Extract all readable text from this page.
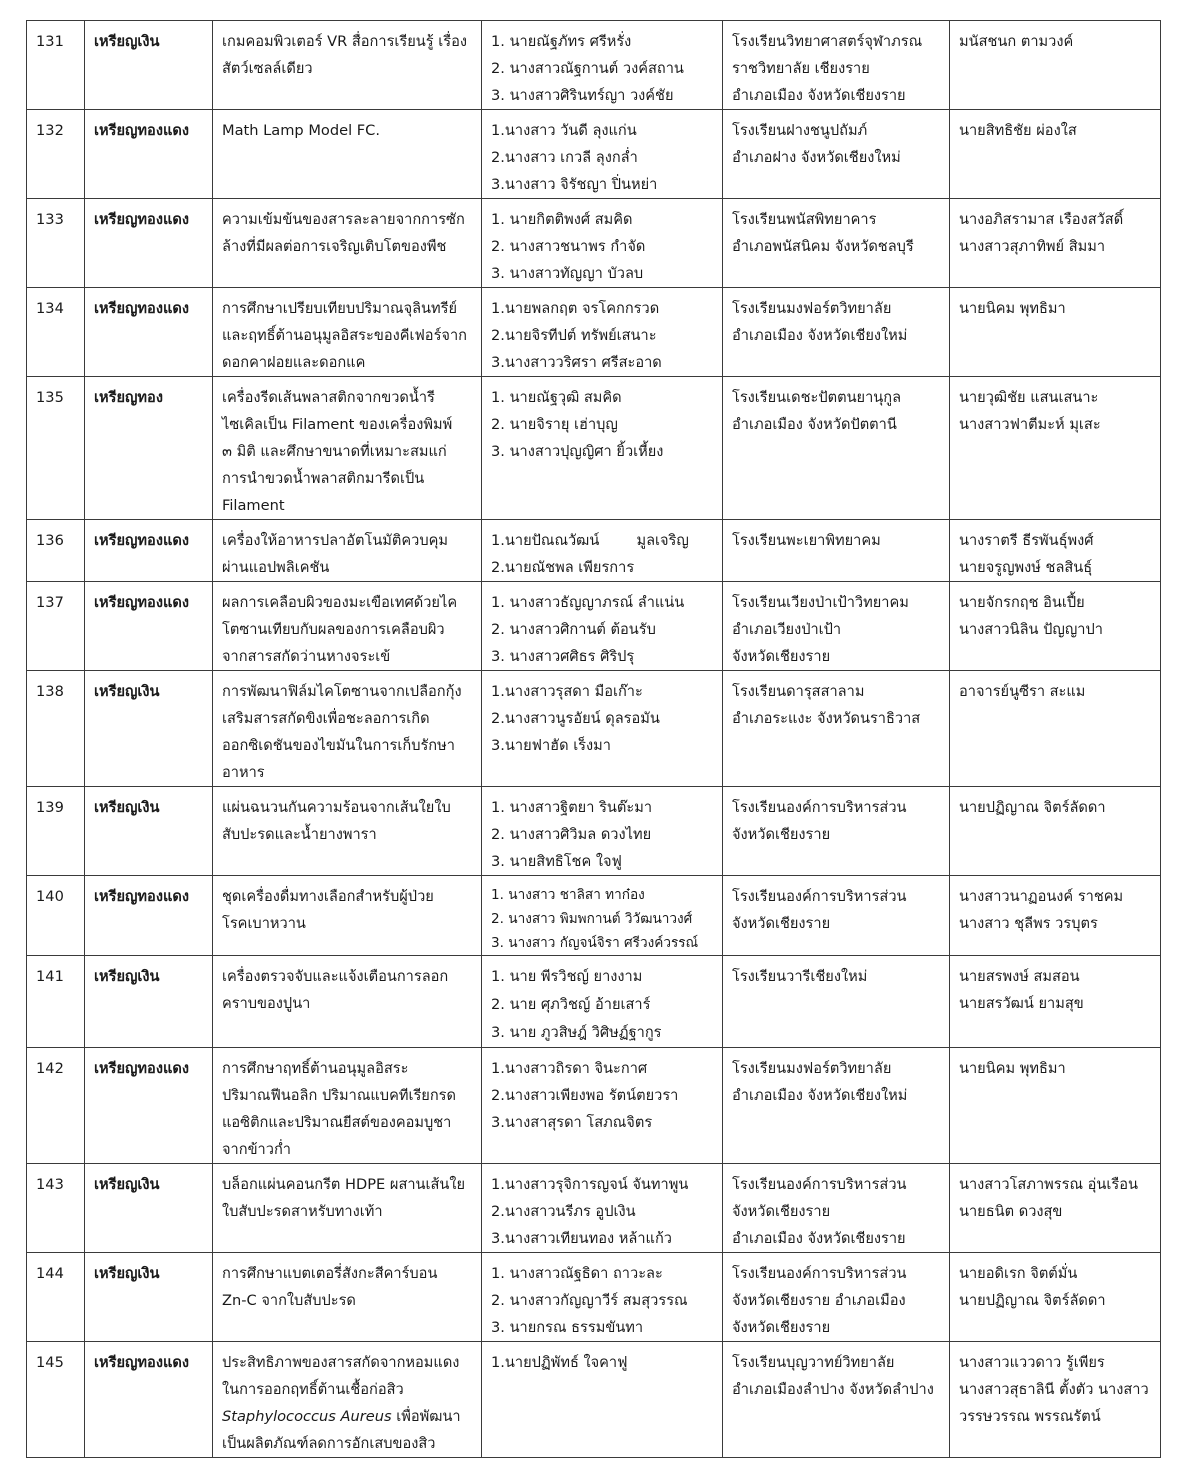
131	เหรียญเงิน	เกมคอมพิวเตอร์ VR สื่อการเรียนรู้ เรื่อง
สัตว์เซลล์เดียว	1. นายณัฐภัทร ศรีหรั่ง
2. นางสาวณัฐกานต์ วงค์สถาน
3. นางสาวศิรินทร์ญา วงค์ชัย	โรงเรียนวิทยาศาสตร์จุฬาภรณ
ราชวิทยาลัย เชียงราย
อำเภอเมือง จังหวัดเชียงราย	มนัสชนก ตามวงค์

132	เหรียญทองแดง	Math Lamp Model FC.	1.นางสาว วันดี ลุงแก่น
2.นางสาว เกวลี ลุงกล่ำ
3.นางสาว จิรัชญา ปิ่นหย่า	โรงเรียนฝางชนูปถัมภ์
อำเภอฝาง จังหวัดเชียงใหม่	นายสิทธิชัย ผ่องใส

133	เหรียญทองแดง	ความเข้มข้นของสารละลายจากการซัก
ล้างที่มีผลต่อการเจริญเติบโตของพืช	1. นายกิตติพงศ์ สมคิด
2. นางสาวชนาพร กำจัด
3. นางสาวทัญญา บัวลบ	โรงเรียนพนัสพิทยาคาร
อำเภอพนัสนิคม จังหวัดชลบุรี	นางอภิสรามาส เรืองสวัสดิ์
นางสาวสุภาทิพย์ สิมมา

134	เหรียญทองแดง	การศึกษาเปรียบเทียบปริมาณจุลินทรีย์
และฤทธิ์ต้านอนุมูลอิสระของคีเฟอร์จาก
ดอกคาฝอยและดอกแค	1.นายพลกฤต จรโคกกรวด
2.นายจิรทีปต์ ทรัพย์เสนาะ
3.นางสาววริศรา ศรีสะอาด	โรงเรียนมงฟอร์ตวิทยาลัย
อำเภอเมือง จังหวัดเชียงใหม่	นายนิคม พุทธิมา

135	เหรียญทอง	เครื่องรีดเส้นพลาสติกจากขวดน้ำรี
ไซเคิลเป็น Filament ของเครื่องพิมพ์
๓ มิติ และศึกษาขนาดที่เหมาะสมแก่
การนำขวดน้ำพลาสติกมารีดเป็น
Filament	1. นายณัฐวุฒิ สมคิด
2. นายจิรายุ เฮ่าบุญ
3. นางสาวปุญญิศา ยิ้วเหี้ยง	โรงเรียนเดชะปัตตนยานุกูล
อำเภอเมือง จังหวัดปัตตานี	นายวุฒิชัย แสนเสนาะ
นางสาวฟาตีมะห์ มุเสะ

136	เหรียญทองแดง	เครื่องให้อาหารปลาอัตโนมัติควบคุม
ผ่านแอปพลิเคชัน	1.นายปัณณวัฒน์        มูลเจริญ
2.นายณัชพล เพียรการ	โรงเรียนพะเยาพิทยาคม	นางราตรี ธีรพันธุ์พงศ์
นายจรูญพงษ์ ชลสินธุ์

137	เหรียญทองแดง	ผลการเคลือบผิวของมะเขือเทศด้วยไค
โตซานเทียบกับผลของการเคลือบผิว
จากสารสกัดว่านหางจระเข้	1. นางสาวธัญญาภรณ์ ลำแน่น
2. นางสาวศิกานต์ ต้อนรับ
3. นางสาวศศิธร ศิริปรุ	โรงเรียนเวียงป่าเป้าวิทยาคม
อำเภอเวียงป่าเป้า
จังหวัดเชียงราย	นายจักรกฤช อินเปี้ย
นางสาวนิลิน ปัญญาปา

138	เหรียญเงิน	การพัฒนาฟิล์มไคโตซานจากเปลือกกุ้ง
เสริมสารสกัดขิงเพื่อชะลอการเกิด
ออกซิเดชันของไขมันในการเก็บรักษา
อาหาร	1.นางสาวรุสดา มือเก๊าะ
2.นางสาวนูรอัยน์ ดุลรอมัน
3.นายฟาฮัด เร็งมา	โรงเรียนดารุสสาลาม
อำเภอระแงะ จังหวัดนราธิวาส	อาจารย์นูซีรา สะแม

139	เหรียญเงิน	แผ่นฉนวนกันความร้อนจากเส้นใยใบ
สับปะรดและน้ำยางพารา	1. นางสาวฐิตยา รินต๊ะมา
2. นางสาวศิวิมล ดวงไทย
3. นายสิทธิโชค ใจฟู	โรงเรียนองค์การบริหารส่วน
จังหวัดเชียงราย	นายปฏิญาณ จิตร์ลัดดา

140	เหรียญทองแดง	ชุดเครื่องดื่มทางเลือกสำหรับผู้ป่วย
โรคเบาหวาน	1. นางสาว ชาลิสา ทาก๋อง
2. นางสาว พิมพกานต์ วิวัฒนาวงศ์
3. นางสาว กัญจน์จิรา ศรีวงค์วรรณ์	โรงเรียนองค์การบริหารส่วน
จังหวัดเชียงราย	นางสาวนาฏอนงค์ ราชคม
นางสาว ชุลีพร วรบุตร

141	เหรียญเงิน	เครื่องตรวจจับและแจ้งเตือนการลอก
คราบของปูนา	1. นาย พีรวิชญ์ ยางงาม
2. นาย ศุภวิชญ์ อ้ายเสาร์
3. นาย ภูวสิษฎ์ วิศิษฏ์ฐากูร	โรงเรียนวารีเชียงใหม่	นายสรพงษ์ สมสอน
นายสรวัฒน์ ยามสุข

142	เหรียญทองแดง	การศึกษาฤทธิ์ต้านอนุมูลอิสระ
ปริมาณฟีนอลิก ปริมาณแบคทีเรียกรด
แอซิติกและปริมาณยีสต์ของคอมบูชา
จากข้าวก่ำ	1.นางสาวถิรดา จินะกาศ
2.นางสาวเพียงพอ รัตน์ตยวรา
3.นางสาสุรดา โสภณจิตร	โรงเรียนมงฟอร์ตวิทยาลัย
อำเภอเมือง จังหวัดเชียงใหม่	นายนิคม พุทธิมา

143	เหรียญเงิน	บล็อกแผ่นคอนกรีต HDPE ผสานเส้นใย
ใบสับปะรดสาหรับทางเท้า	1.นางสาวรุจิการญจน์ จันทาพูน
2.นางสาวนรีภร อูปเงิน
3.นางสาวเทียนทอง หล้าแก้ว	โรงเรียนองค์การบริหารส่วน
จังหวัดเชียงราย
อำเภอเมือง จังหวัดเชียงราย	นางสาวโสภาพรรณ อุ่นเรือน
นายธนิต ดวงสุข

144	เหรียญเงิน	การศึกษาแบตเตอรี่สังกะสีคาร์บอน
Zn-C จากใบสับปะรด	1. นางสาวณัฐธิดา ถาวะละ
2. นางสาวกัญญาวีร์ สมสุวรรณ
3. นายกรณ ธรรมขันทา	โรงเรียนองค์การบริหารส่วน
จังหวัดเชียงราย อำเภอเมือง
จังหวัดเชียงราย	นายอดิเรก จิตต์มั่น
นายปฏิญาณ จิตร์ลัดดา

145	เหรียญทองแดง	ประสิทธิภาพของสารสกัดจากหอมแดง
ในการออกฤทธิ์ต้านเชื้อก่อสิว
Staphylococcus Aureus เพื่อพัฒนา
เป็นผลิตภัณฑ์ลดการอักเสบของสิว	1.นายปฏิพัทธ์ ใจคาฟู	โรงเรียนบุญวาทย์วิทยาลัย
อำเภอเมืองลำปาง จังหวัดลำปาง	นางสาวแววดาว รู้เพียร
นางสาวสุธาลินี ตั้งตัว นางสาว
วรรษวรรณ พรรณรัตน์
